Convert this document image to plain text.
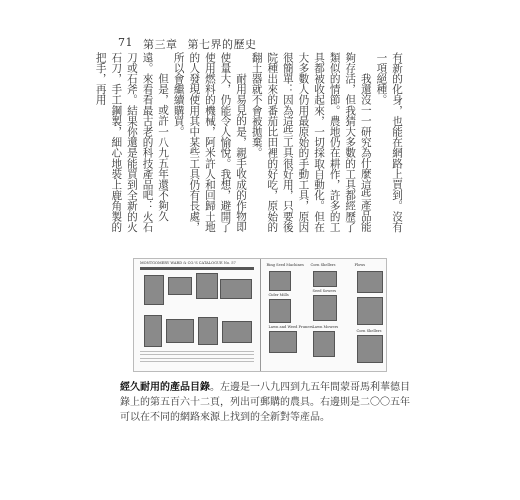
71 第三章 第七界的歷史

有新的化身，也能在網路上買到。沒有一項絕種。

我還沒一一研究為什麼這些產品能夠存活，但我猜大多數的工具都經歷了類似的情節。農地仍在耕作，許多的工具都被收起來，一切採取自動化。但在大多數人仍用最原始的手動工具，原因很簡單：因為這些工具很好用，只要後院種出來的番茄比田裡的好吃，原始的翻土器就不會被拋棄。

耐用易見的是，親手收成的作物即使量大，仍能令人愉悅。我想，避開了使用燃料的機械，阿米許人和回歸土地的人發現使用其中某些工具仍有長處，所以會繼續購買。

但是，或許一八九五年還不夠久遠。來看看最古老的科技產品吧：火石刀或石斧。結果你還是能買到全新的火石刀，手工鋼製，細心地裝上鹿角製的把手，再用

MONTGOMERY WARD & CO.'S CATALOGUE No. 57	Ring Seed Machines Corn Shellers	Plows
Seed Sowers
Cider Mills
Lawn and Weed Pruners Lawn Mowers
Corn Shellers
經久耐用的產品目錄。左邊是一八九四到九五年間蒙哥馬利華德目錄上的第五百六十二頁，列出可郵購的農具。右邊則是二〇〇五年可以在不同的網路來源上找到的全新對等產品。
